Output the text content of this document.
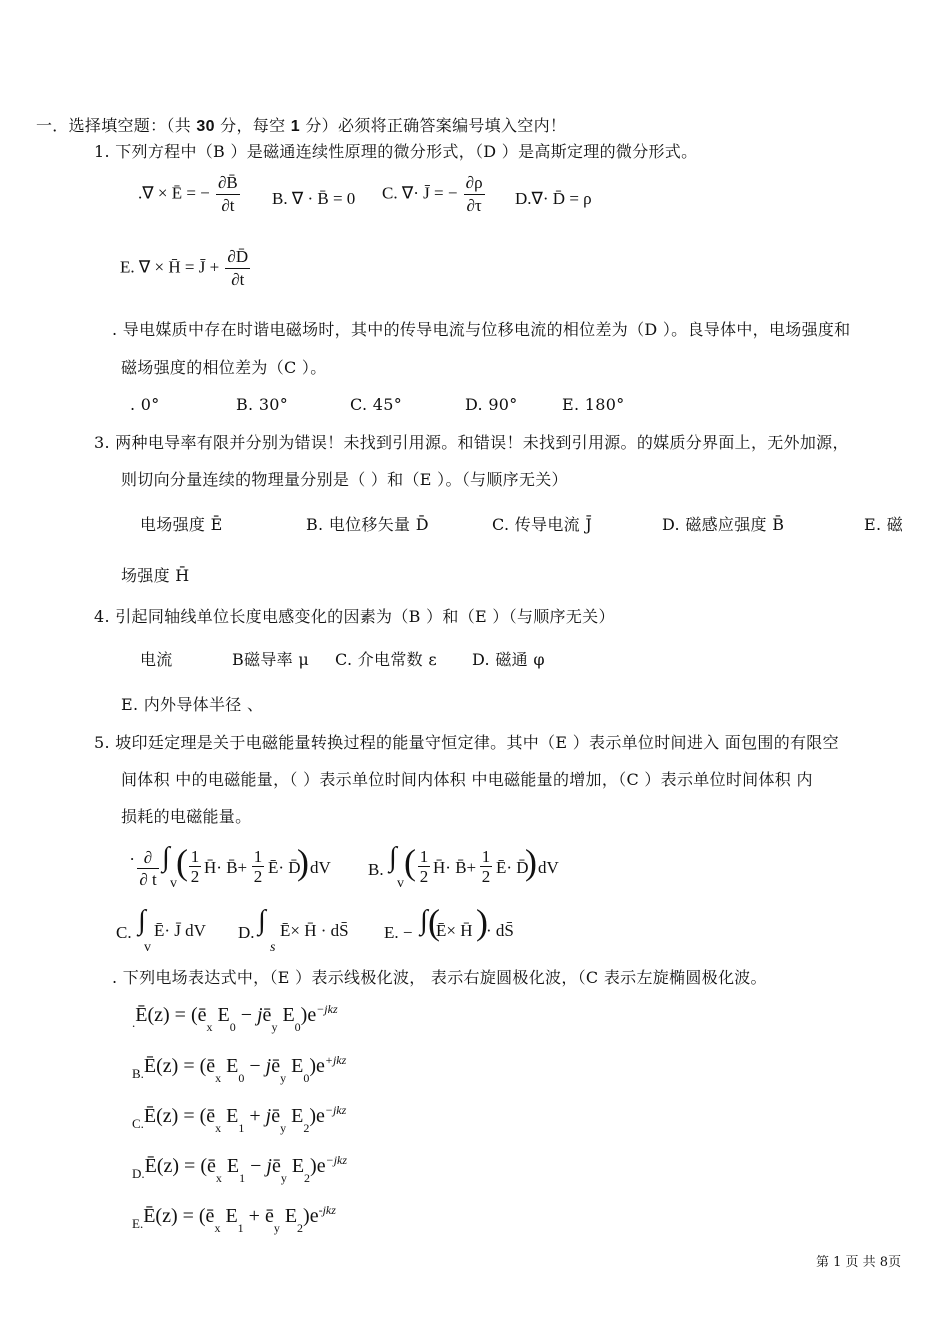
一．选择填空题：（共 30 分，每空 1 分）必须将正确答案编号填入空内！
1. 下列方程中（B ）是磁通连续性原理的微分形式，（D ）是高斯定理的微分形式。
.∇ × Ē = − $\frac{\partial B̄}{\partial t} B$. ∇ · B̄ = 0 C. ∇· J̄ = − $\frac{\partial\rho}{\partial\tau} D.\nabla\cdot$ D̄ = ρ
E. ∇ × H̄ = J̄ + $\frac{\partial D̄}{\partial t}$
. 导电媒质中存在时谐电磁场时，其中的传导电流与位移电流的相位差为（D ）。良导体中，电场强度和
磁场强度的相位差为（C ）。
. 0°	B. 30°	C. 45°	D. 90°	E. 180°
3. 两种电导率有限并分别为错误！未找到引用源。和错误！未找到引用源。的媒质分界面上，无外加源，
则切向分量连续的物理量分别是（ ）和（E ）。（与顺序无关）
电场强度 Ē	B. 电位移矢量 D̄	C. 传导电流 J̄	D. 磁感应强度 B̄	E. 磁
场强度 H̄
4. 引起同轴线单位长度电感变化的因素为（B ）和（E ）（与顺序无关）
电流	B磁导率 μ C. 介电常数 ε D. 磁通 φ
E. 内外导体半径 、
5. 坡印廷定理是关于电磁能量转换过程的能量守恒定律。其中（E ）表示单位时间进入 面包围的有限空
间体积 中的电磁能量，（ ）表示单位时间内体积 中电磁能量的增加，（C ）表示单位时间体积 内
损耗的电磁能量。
. ∂
∂ t
∫
v
( $\frac{1}{2}$ H̄· B̄+ $\frac{1}{2}$ Ē· D̄
) dV B. ∫
v
( $\frac{1}{2}$ H̄· B̄+ $\frac{1}{2}$ Ē· D̄
) dV
C. ∫
v
Ē· J̄ dV D. ∫
s
Ē× H̄ · dS̄ E. − ∫ (
Ē× H̄ )
· dS̄
. 下列电场表达式中，（E ）表示线极化波， 表示右旋圆极化波，（C 表示左旋椭圆极化波。
$_.$Ē(z) = ($ē_x$ $E_0$ − $jē_y$ $E_0)e^{-jkz}$
$_{B.}$Ē(z) = ($ē_x$ $E_0$ − $jē_y$ $E_0)e^{+jkz}$
$_{C.}$Ē(z) = ($ē_x$ $E_1$ + $jē_y$ $E_2)e^{-jkz}$
$_{D.}$Ē(z) = ($ē_x$ $E_1$ − $jē_y$ $E_2)e^{-jkz}$
$_{E.}$Ē(z) = ($ē_x$ $E_1$ + $ē_y$ $E_2)e^{-jkz}$
第 1 页 共 8页
